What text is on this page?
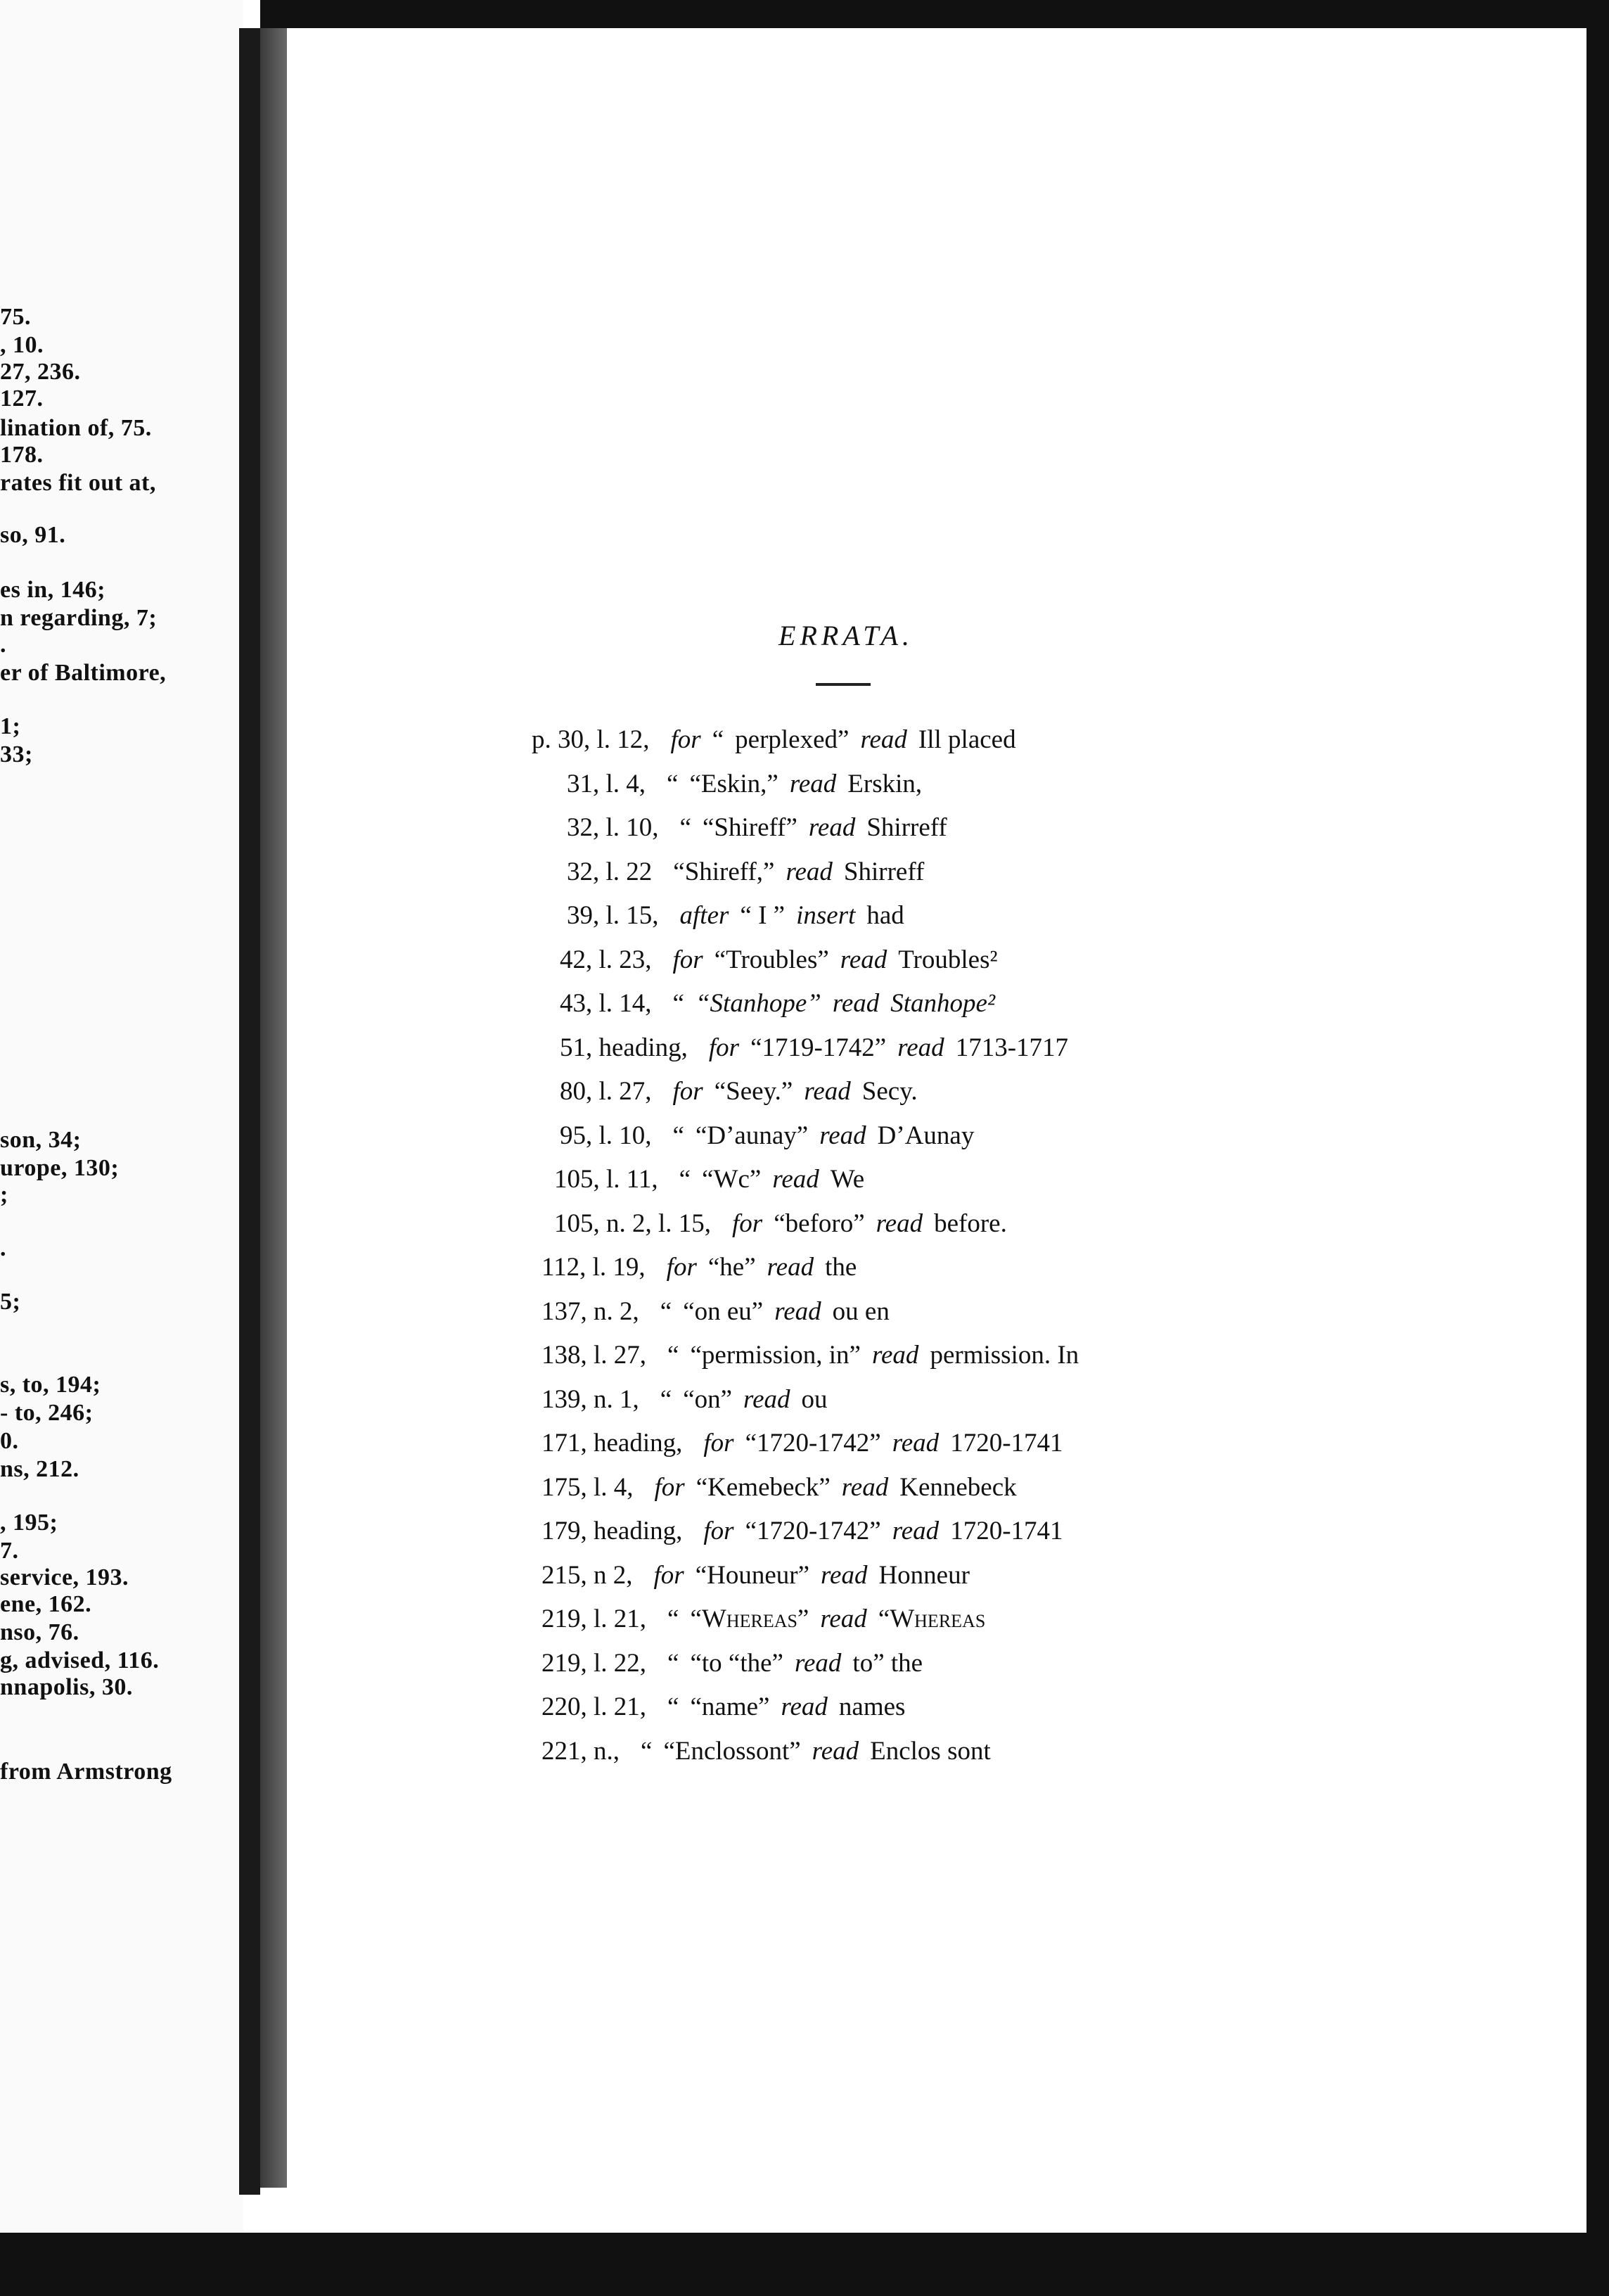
75.
, 10.
27, 236.
127.
lination of, 75.
178.
rates fit out at,
so, 91.
es in, 146;
n regarding, 7;
.
er of Baltimore,
1;
33;
son, 34;
urope, 130;
;
.
5;
s, to, 194;
- to, 246;
0.
ns, 212.
, 195;
7.
service, 193.
ene, 162.
nso, 76.
g, advised, 116.
nnapolis, 30.
from Armstrong
ERRATA.
p. 30, l. 12, for “ perplexed” read Ill placed
31, l. 4, “ “Eskin,” read Erskin,
32, l. 10, “ “Shireff” read Shirreff
32, l. 22 “Shireff,” read Shirreff
39, l. 15, after “ I ” insert had
42, l. 23, for “Troubles” read Troubles²
43, l. 14, “ “Stanhope” read Stanhope²
51, heading, for “1719-1742” read 1713-1717
80, l. 27, for “Seey.” read Secy.
95, l. 10, “ “D’aunay” read D’Aunay
105, l. 11, “ “Wc” read We
105, n. 2, l. 15, for “beforo” read before.
112, l. 19, for “he” read the
137, n. 2, “ “on eu” read ou en
138, l. 27, “ “permission, in” read permission. In
139, n. 1, “ “on” read ou
171, heading, for “1720-1742” read 1720-1741
175, l. 4, for “Kemebeck” read Kennebeck
179, heading, for “1720-1742” read 1720-1741
215, n 2, for “Houneur” read Honneur
219, l. 21, “ “Whereas” read “Whereas
219, l. 22, “ “to “the” read to” the
220, l. 21, “ “name” read names
221, n., “ “Enclossont” read Enclos sont
